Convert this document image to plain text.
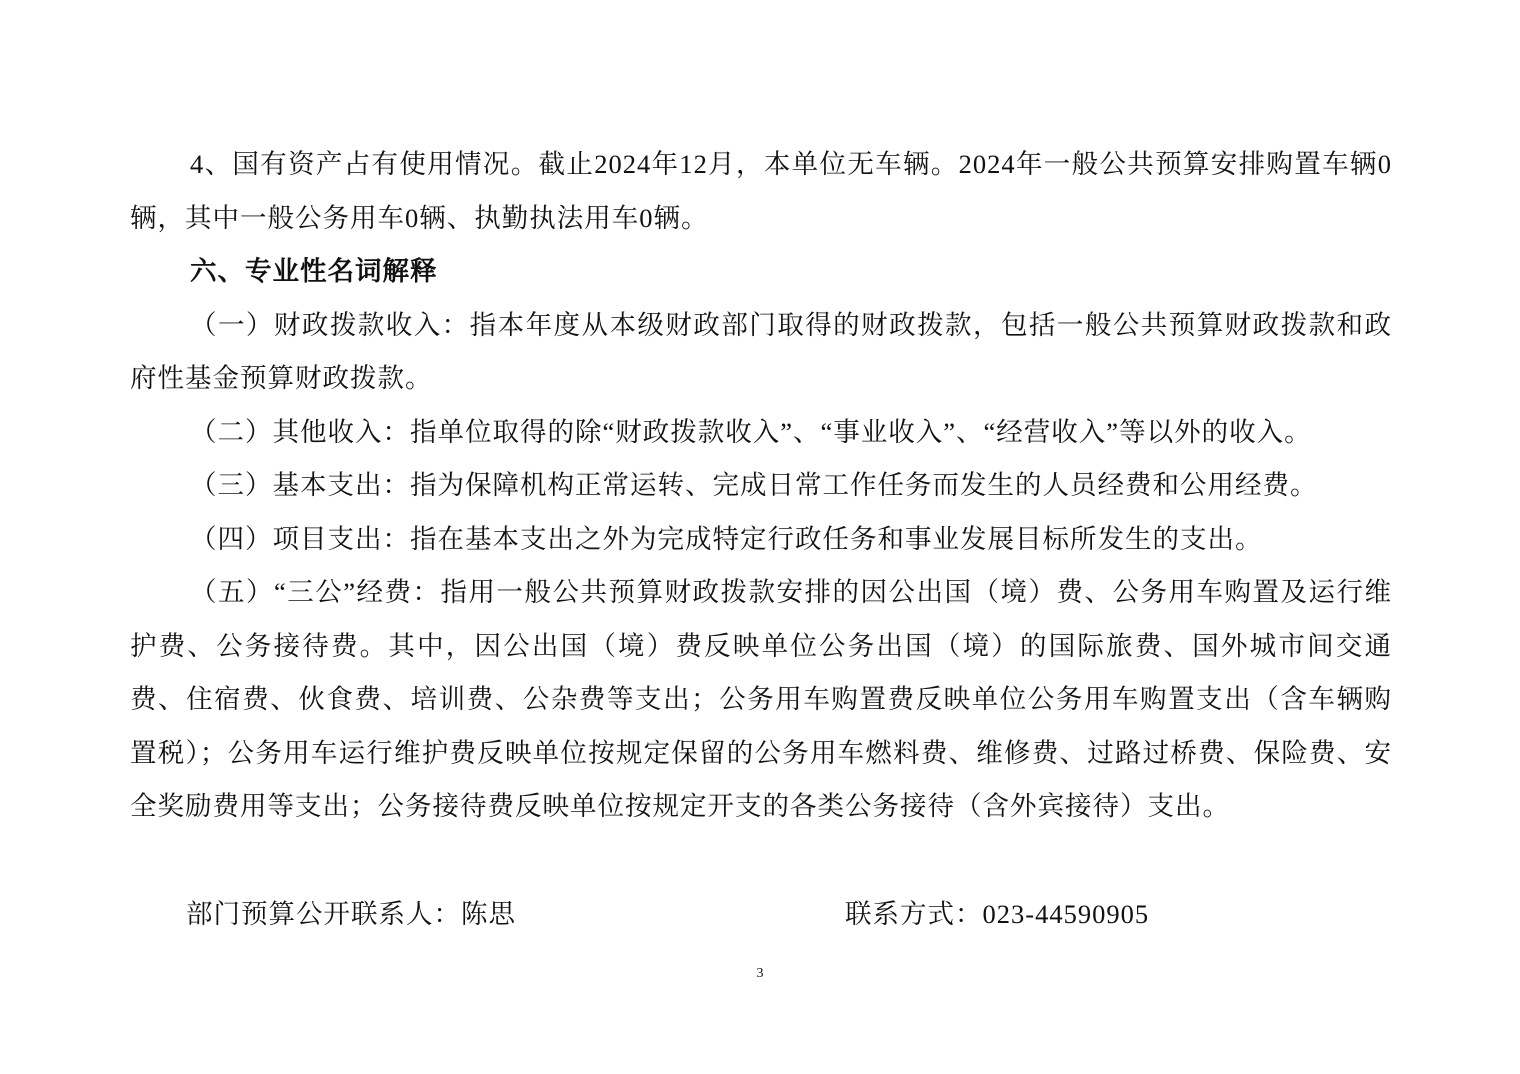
4、国有资产占有使用情况。截止2024年12月，本单位无车辆。2024年一般公共预算安排购置车辆0辆，其中一般公务用车0辆、执勤执法用车0辆。

六、专业性名词解释

（一）财政拨款收入：指本年度从本级财政部门取得的财政拨款，包括一般公共预算财政拨款和政府性基金预算财政拨款。

（二）其他收入：指单位取得的除“财政拨款收入”、“事业收入”、“经营收入”等以外的收入。

（三）基本支出：指为保障机构正常运转、完成日常工作任务而发生的人员经费和公用经费。

（四）项目支出：指在基本支出之外为完成特定行政任务和事业发展目标所发生的支出。

（五）“三公”经费：指用一般公共预算财政拨款安排的因公出国（境）费、公务用车购置及运行维护费、公务接待费。其中，因公出国（境）费反映单位公务出国（境）的国际旅费、国外城市间交通费、住宿费、伙食费、培训费、公杂费等支出；公务用车购置费反映单位公务用车购置支出（含车辆购置税）；公务用车运行维护费反映单位按规定保留的公务用车燃料费、维修费、过路过桥费、保险费、安全奖励费用等支出；公务接待费反映单位按规定开支的各类公务接待（含外宾接待）支出。

部门预算公开联系人：陈思	联系方式：023-44590905
3
